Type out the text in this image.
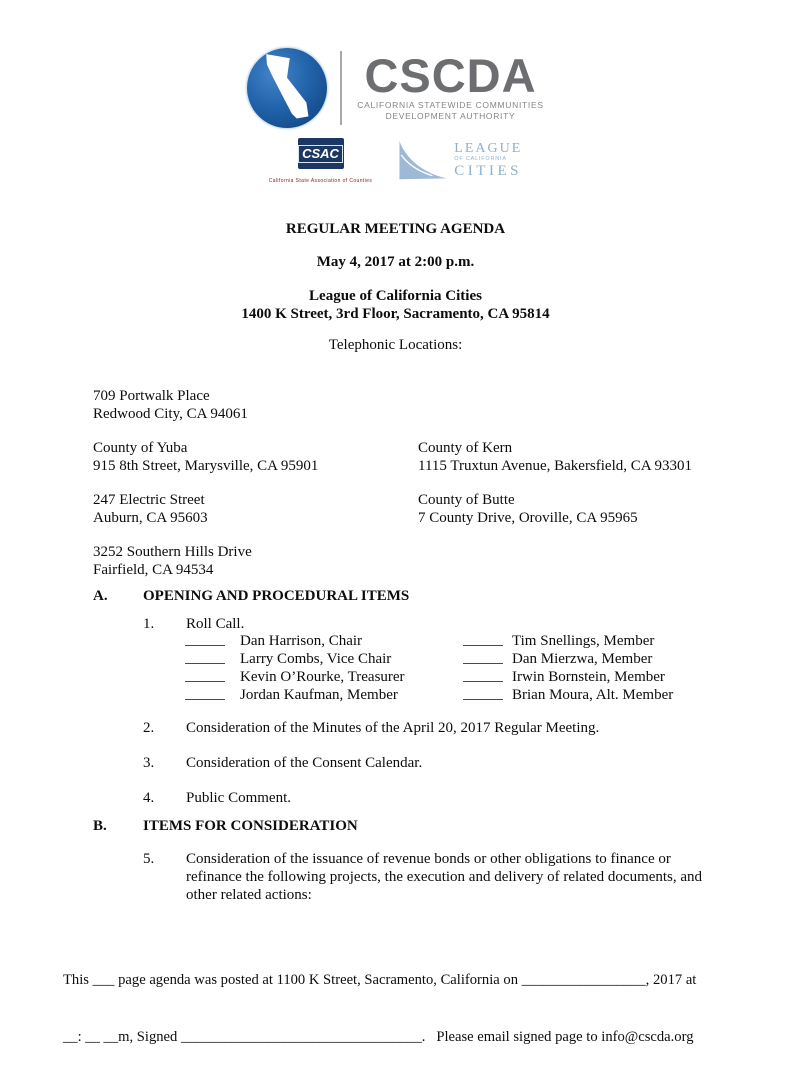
CSCDA
CALIFORNIA STATEWIDE COMMUNITIES
DEVELOPMENT AUTHORITY
CSAC
California State Association of Counties
LEAGUE
OF CALIFORNIA
CITIES
REGULAR MEETING AGENDA
May 4, 2017 at 2:00 p.m.
League of California Cities
1400 K Street, 3rd Floor, Sacramento, CA 95814
Telephonic Locations:
709 Portwalk Place
Redwood City, CA 94061
County of Yuba
915 8th Street, Marysville, CA 95901
County of Kern
1115 Truxtun Avenue, Bakersfield, CA 93301
247 Electric Street
Auburn, CA 95603
County of Butte
7 County Drive, Oroville, CA 95965
3252 Southern Hills Drive
Fairfield, CA 94534
A.	OPENING AND PROCEDURAL ITEMS
1.	Roll Call.
Dan Harrison, Chair	Tim Snellings, Member
Larry Combs, Vice Chair	Dan Mierzwa, Member
Kevin O’Rourke, Treasurer	Irwin Bornstein, Member
Jordan Kaufman, Member	Brian Moura, Alt. Member
2.	Consideration of the Minutes of the April 20, 2017 Regular Meeting.
3.	Consideration of the Consent Calendar.
4.	Public Comment.
B.	ITEMS FOR CONSIDERATION
5.	Consideration of the issuance of revenue bonds or other obligations to finance or refinance the following projects, the execution and delivery of related documents, and other related actions:

This ___ page agenda was posted at 1100 K Street, Sacramento, California on _________________, 2017 at

__: __ __m, Signed _________________________________.   Please email signed page to info@cscda.org
